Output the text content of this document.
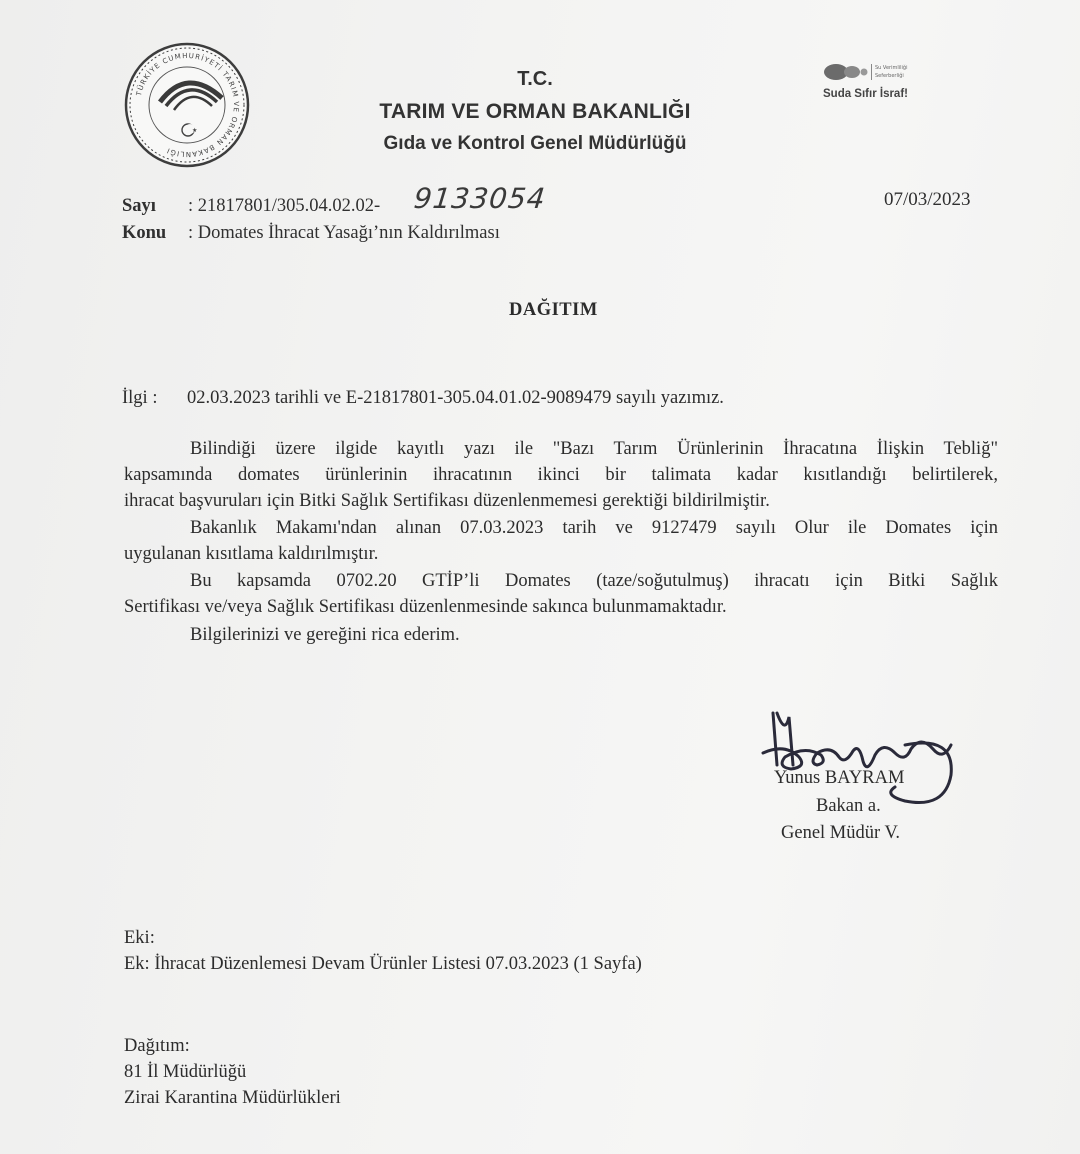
TÜRKİYE CUMHURİYETİ TARIM VE ORMAN BAKANLIĞI
★
T.C.
TARIM VE ORMAN BAKANLIĞI
Gıda ve Kontrol Genel Müdürlüğü
Su Verimliliği
Seferberliği
Suda Sıfır İsraf!
Sayı : 21817801/305.04.02.02- 9133054	07/03/2023
Konu : Domates İhracat Yasağı’nın Kaldırılması
DAĞITIM
İlgi : 02.03.2023 tarihli ve E-21817801-305.04.01.02-9089479 sayılı yazımız.
Bilindiği üzere ilgide kayıtlı yazı ile "Bazı Tarım Ürünlerinin İhracatına İlişkin Tebliğ"
kapsamında domates ürünlerinin ihracatının ikinci bir talimata kadar kısıtlandığı belirtilerek,
ihracat başvuruları için Bitki Sağlık Sertifikası düzenlenmemesi gerektiği bildirilmiştir.
Bakanlık Makamı'ndan alınan 07.03.2023 tarih ve 9127479 sayılı Olur ile Domates için
uygulanan kısıtlama kaldırılmıştır.
Bu kapsamda 0702.20 GTİP’li Domates (taze/soğutulmuş) ihracatı için Bitki Sağlık
Sertifikası ve/veya Sağlık Sertifikası düzenlenmesinde sakınca bulunmamaktadır.
Bilgilerinizi ve gereğini rica ederim.
Yunus BAYRAM
Bakan a.
Genel Müdür V.
Eki:
Ek: İhracat Düzenlemesi Devam Ürünler Listesi 07.03.2023 (1 Sayfa)
Dağıtım:
81 İl Müdürlüğü
Zirai Karantina Müdürlükleri
